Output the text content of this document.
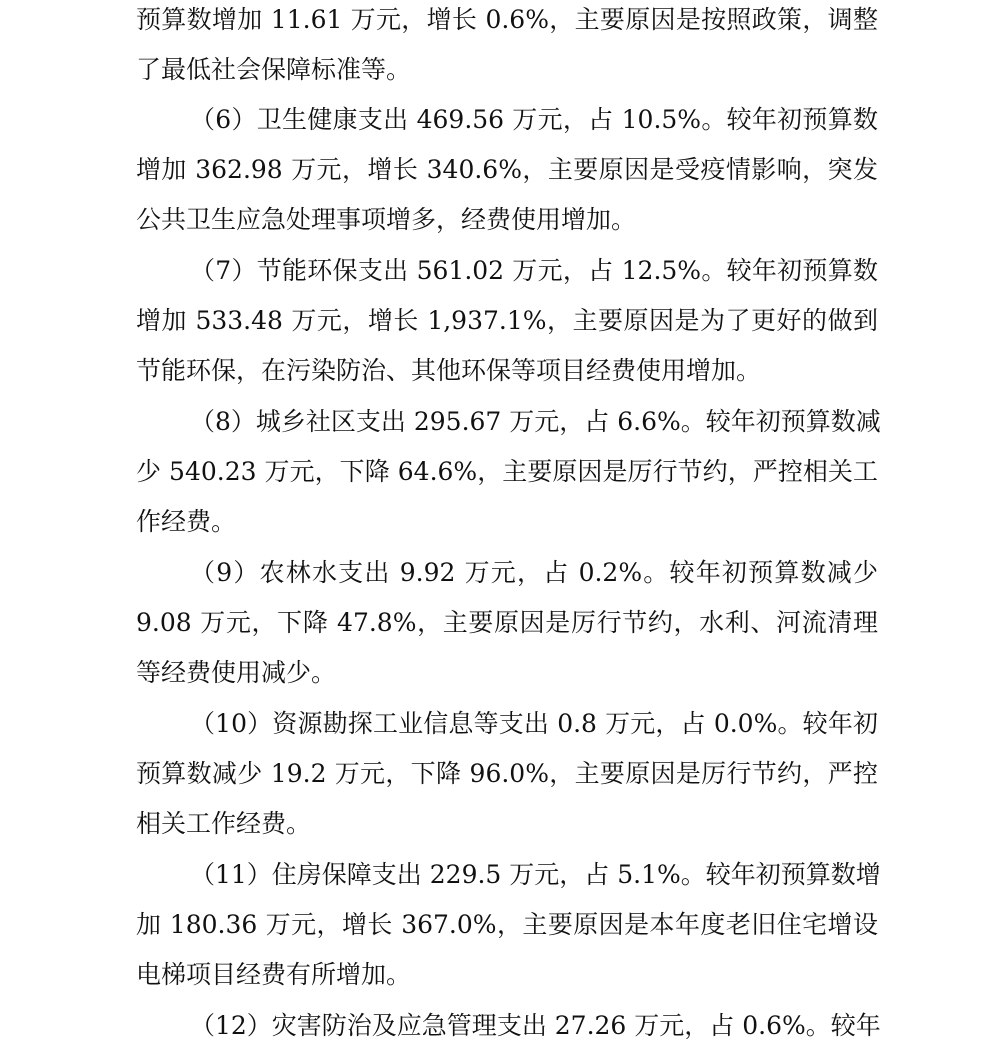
预算数增加 11.61 万元，增长 0.6%，主要原因是按照政策，调整
了最低社会保障标准等。
（6）卫生健康支出 469.56 万元，占 10.5%。较年初预算数
增加 362.98 万元，增长 340.6%，主要原因是受疫情影响，突发
公共卫生应急处理事项增多，经费使用增加。
（7）节能环保支出 561.02 万元，占 12.5%。较年初预算数
增加 533.48 万元，增长 1,937.1%，主要原因是为了更好的做到
节能环保，在污染防治、其他环保等项目经费使用增加。
（8）城乡社区支出 295.67 万元，占 6.6%。较年初预算数减
少 540.23 万元，下降 64.6%，主要原因是厉行节约，严控相关工
作经费。
（9）农林水支出 9.92 万元，占 0.2%。较年初预算数减少
9.08 万元，下降 47.8%，主要原因是厉行节约，水利、河流清理
等经费使用减少。
（10）资源勘探工业信息等支出 0.8 万元，占 0.0%。较年初
预算数减少 19.2 万元，下降 96.0%，主要原因是厉行节约，严控
相关工作经费。
（11）住房保障支出 229.5 万元，占 5.1%。较年初预算数增
加 180.36 万元，增长 367.0%，主要原因是本年度老旧住宅增设
电梯项目经费有所增加。
（12）灾害防治及应急管理支出 27.26 万元，占 0.6%。较年
